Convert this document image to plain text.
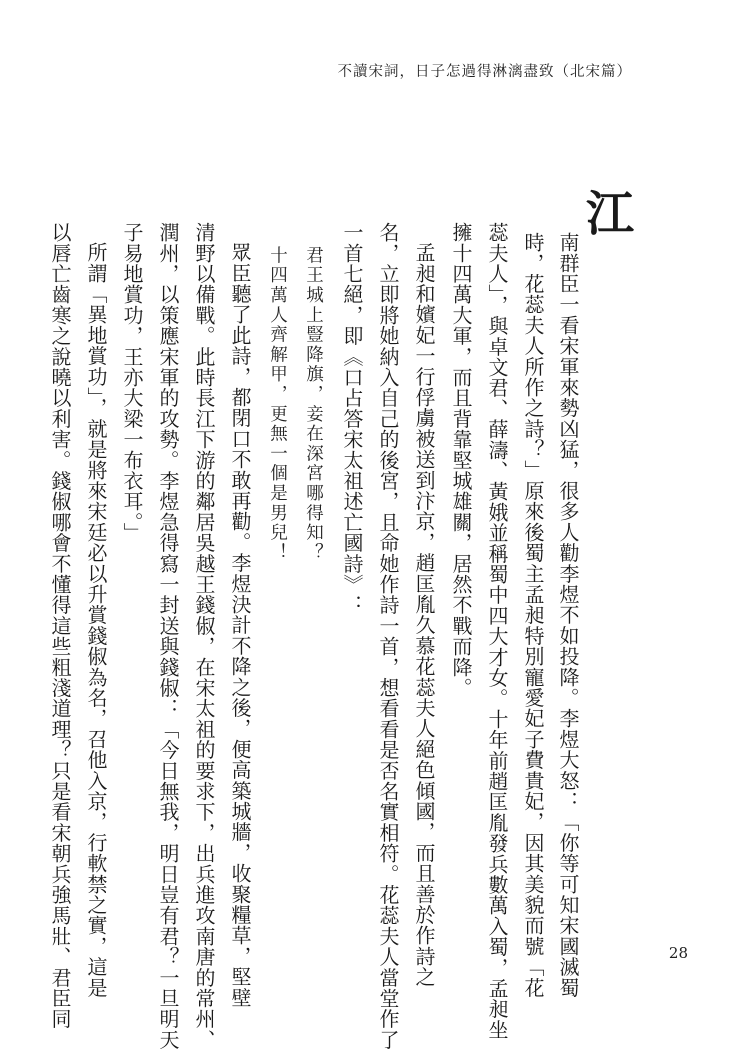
不讀宋詞，日子怎過得淋漓盡致（北宋篇）
江
南群臣一看宋軍來勢凶猛，很多人勸李煜不如投降。李煜大怒：「你等可知宋國滅蜀
時，花蕊夫人所作之詩？」原來後蜀主孟昶特別寵愛妃子費貴妃，因其美貌而號「花
蕊夫人」，與卓文君、薛濤、黃娥並稱蜀中四大才女。十年前趙匡胤發兵數萬入蜀，孟昶坐
擁十四萬大軍，而且背靠堅城雄關，居然不戰而降。
孟昶和嬪妃一行俘虜被送到汴京，趙匡胤久慕花蕊夫人絕色傾國，而且善於作詩之
名，立即將她納入自己的後宮，且命她作詩一首，想看看是否名實相符。花蕊夫人當堂作了
一首七絕，即《口占答宋太祖述亡國詩》：
君王城上豎降旗，妾在深宮哪得知？
十四萬人齊解甲，更無一個是男兒！
眾臣聽了此詩，都閉口不敢再勸。李煜決計不降之後，便高築城牆，收聚糧草，堅壁
清野以備戰。此時長江下游的鄰居吳越王錢俶，在宋太祖的要求下，出兵進攻南唐的常州、
潤州，以策應宋軍的攻勢。李煜急得寫一封送與錢俶：「今日無我，明日豈有君？一旦明天
子易地賞功，王亦大梁一布衣耳。」
所謂「異地賞功」，就是將來宋廷必以升賞錢俶為名，召他入京，行軟禁之實，這是
以唇亡齒寒之說曉以利害。錢俶哪會不懂得這些粗淺道理？只是看宋朝兵強馬壯、君臣同	28
